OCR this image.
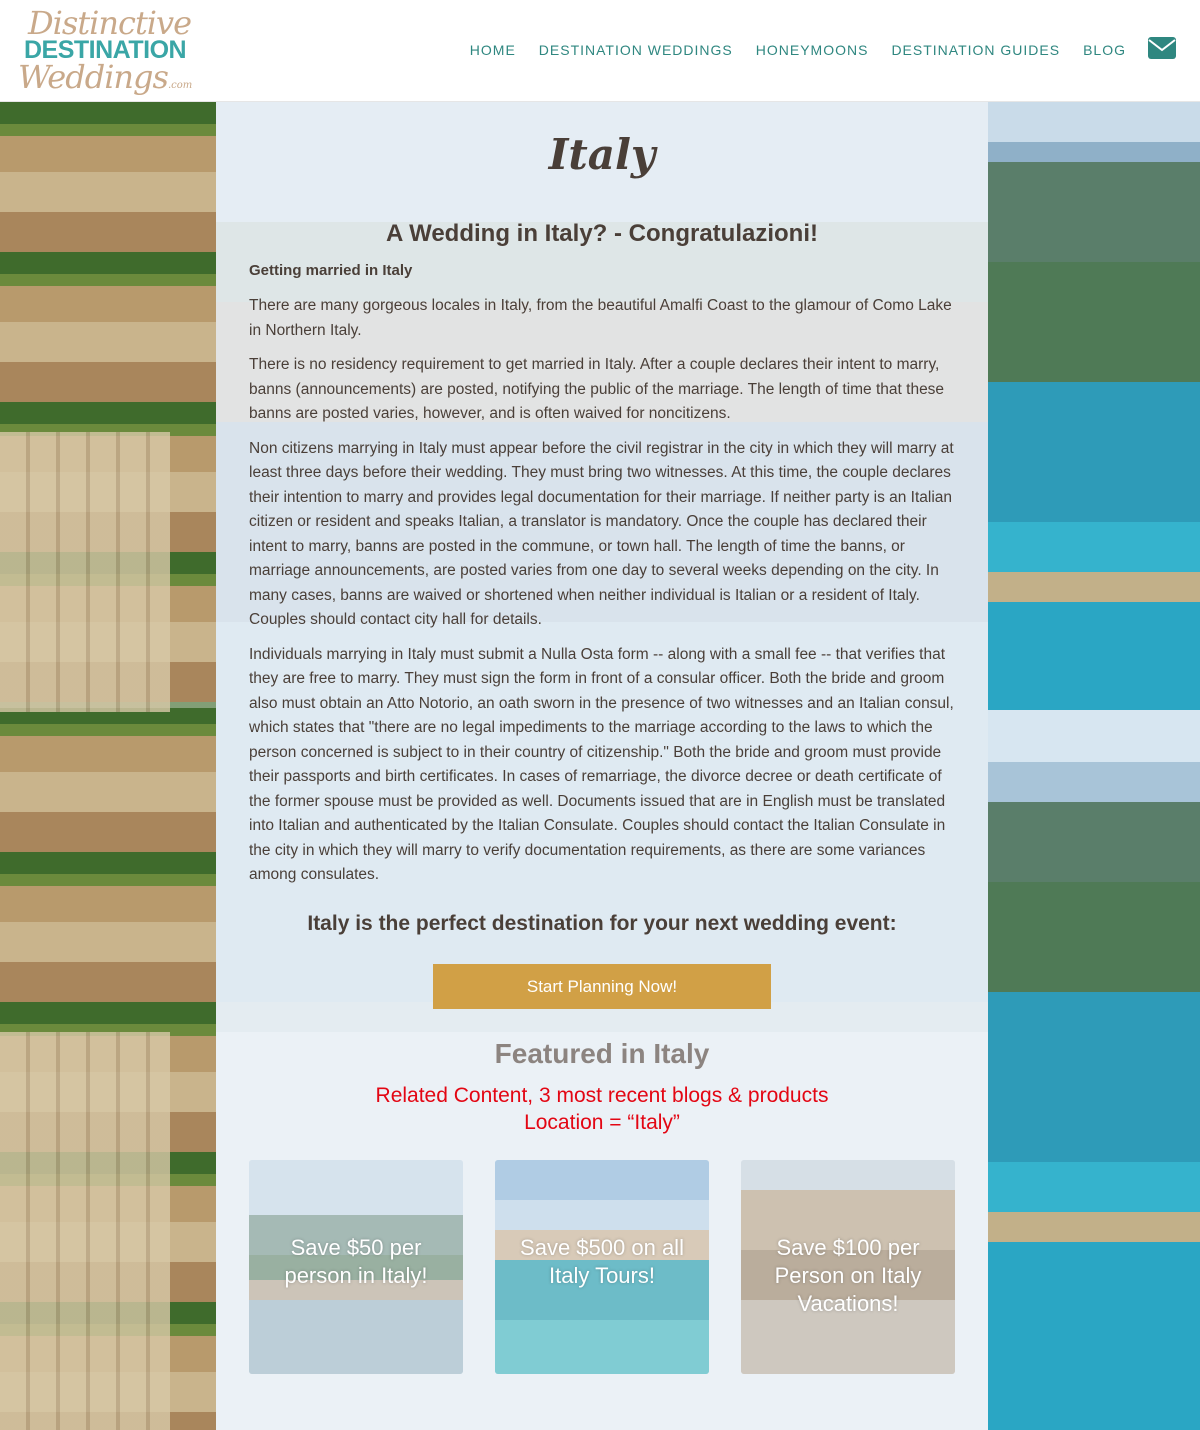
Distinctive
DESTINATION
Weddings.com
HOME DESTINATION WEDDINGS HONEYMOONS DESTINATION GUIDES BLOG
Italy
A Wedding in Italy? - Congratulazioni!
Getting married in Italy

There are many gorgeous locales in Italy, from the beautiful Amalfi Coast to the glamour of Como Lake in Northern Italy.

There is no residency requirement to get married in Italy. After a couple declares their intent to marry, banns (announcements) are posted, notifying the public of the marriage. The length of time that these banns are posted varies, however, and is often waived for noncitizens.

Non citizens marrying in Italy must appear before the civil registrar in the city in which they will marry at least three days before their wedding. They must bring two witnesses. At this time, the couple declares their intention to marry and provides legal documentation for their marriage. If neither party is an Italian citizen or resident and speaks Italian, a translator is mandatory. Once the couple has declared their intent to marry, banns are posted in the commune, or town hall. The length of time the banns, or marriage announcements, are posted varies from one day to several weeks depending on the city. In many cases, banns are waived or shortened when neither individual is Italian or a resident of Italy. Couples should contact city hall for details.

Individuals marrying in Italy must submit a Nulla Osta form -- along with a small fee -- that verifies that they are free to marry. They must sign the form in front of a consular officer. Both the bride and groom also must obtain an Atto Notorio, an oath sworn in the presence of two witnesses and an Italian consul, which states that "there are no legal impediments to the marriage according to the laws to which the person concerned is subject to in their country of citizenship." Both the bride and groom must provide their passports and birth certificates. In cases of remarriage, the divorce decree or death certificate of the former spouse must be provided as well. Documents issued that are in English must be translated into Italian and authenticated by the Italian Consulate. Couples should contact the Italian Consulate in the city in which they will marry to verify documentation requirements, as there are some variances among consulates.

Italy is the perfect destination for your next wedding event:
Start Planning Now!
Featured in Italy
Related Content, 3 most recent blogs & products
Location = “Italy”
Save $50 per person in Italy!
Save $500 on all Italy Tours!
Save $100 per Person on Italy Vacations!
